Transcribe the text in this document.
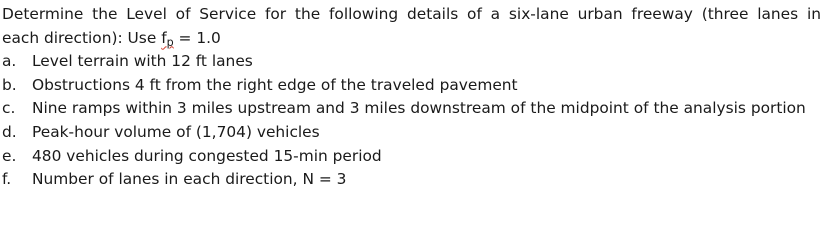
Determine the Level of Service for the following details of a six-lane urban freeway (three lanes in
each direction): Use $f_p = 1.0$

a.	Level terrain with 12 ft lanes
b. Obstructions 4 ft from the right edge of the traveled pavement
c.	Nine ramps within 3 miles upstream and 3 miles downstream of the midpoint of the analysis portion
d. Peak-hour volume of (1,704) vehicles
e.	480 vehicles during congested 15-min period
f.	Number of lanes in each direction, N = 3
